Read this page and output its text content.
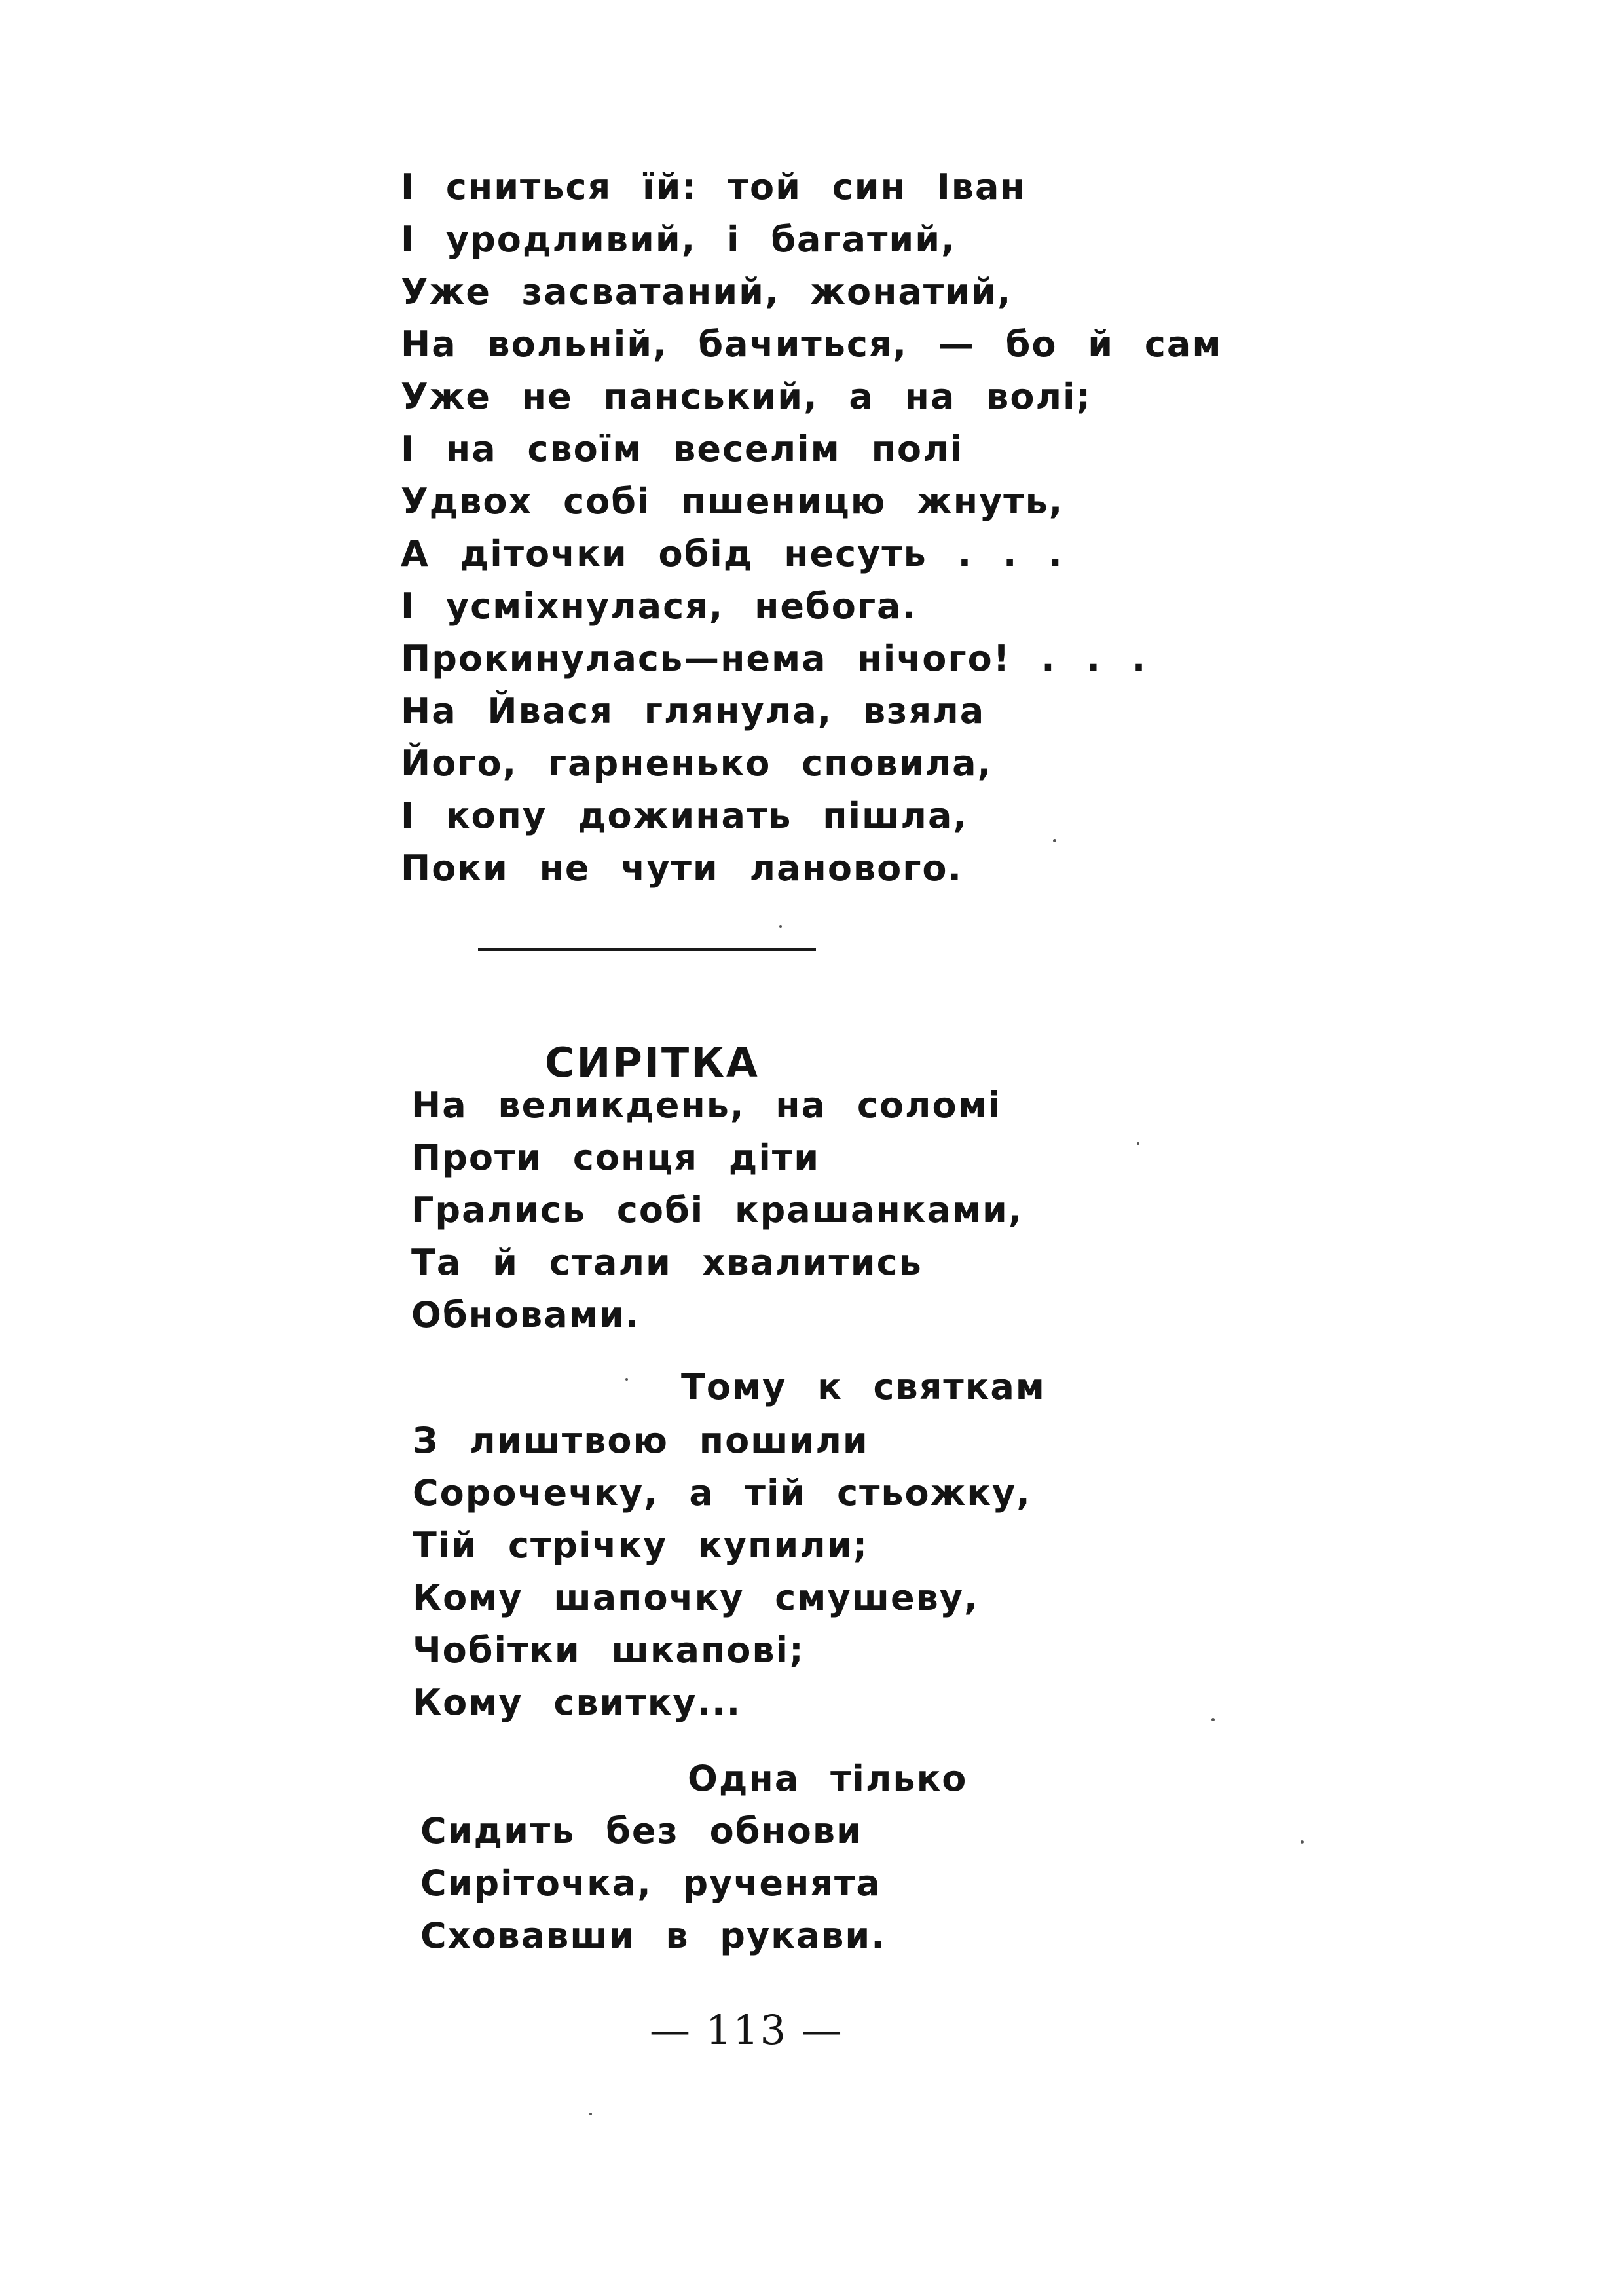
І сниться їй: той син Іван
І уродливий, і багатий,
Уже засватаний, жонатий,
На вольній, бачиться, — бо й сам
Уже не панський, а на волі;
І на своїм веселім полі
Удвох собі пшеницю жнуть,
А діточки обід несуть . . .
І усміхнулася, небога.
Прокинулась—нема нічого! . . .
На Йвася глянула, взяла
Його, гарненько сповила,
І копу дожинать пішла,
Поки не чути ланового.
СИРІТКА
На великдень, на соломі
Проти сонця діти
Грались собі крашанками,
Та й стали хвалитись
Обновами.
Тому к святкам
З лиштвою пошили
Сорочечку, а тій стьожку,
Тій стрічку купили;
Кому шапочку смушеву,
Чобітки шкапові;
Кому свитку...
Одна тілько
Сидить без обнови
Сиріточка, рученята
Сховавши в рукави.
— 113 —
